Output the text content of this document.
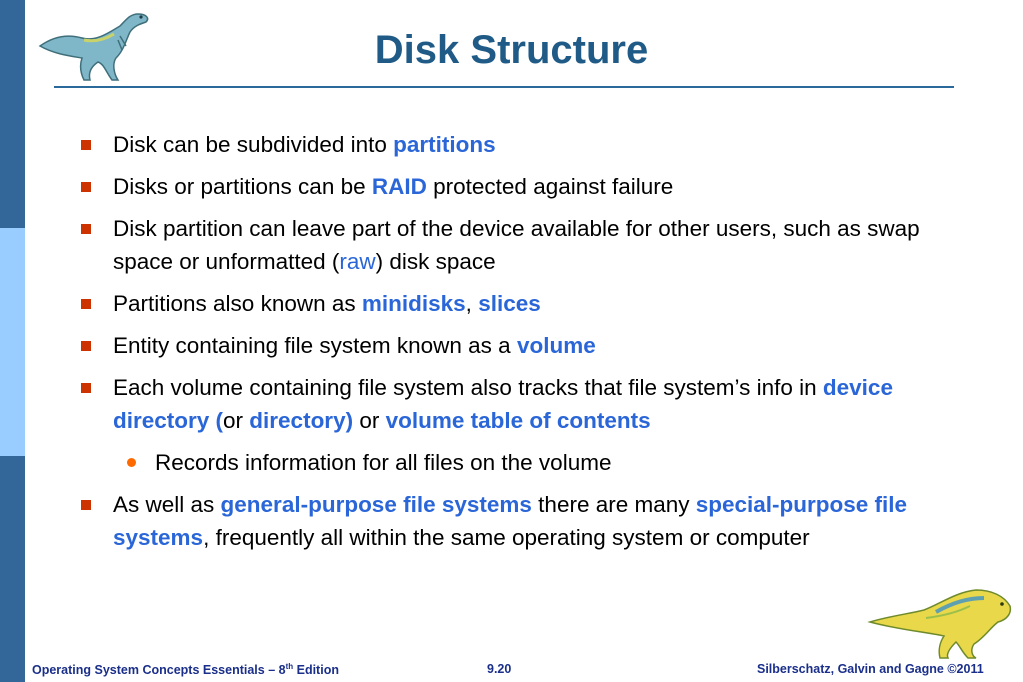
Disk Structure
Disk can be subdivided into partitions
Disks or partitions can be RAID protected against failure
Disk partition can leave part of the device available for other users, such as swap space or unformatted (raw) disk space
Partitions also known as minidisks, slices
Entity containing file system known as a volume
Each volume containing file system also tracks that file system’s info in device directory (or directory) or volume table of contents
Records information for all files on the volume
As well as general-purpose file systems there are many special-purpose file systems, frequently all within the same operating system or computer
Operating System Concepts Essentials – 8th Edition	9.20	Silberschatz, Galvin and Gagne ©2011
